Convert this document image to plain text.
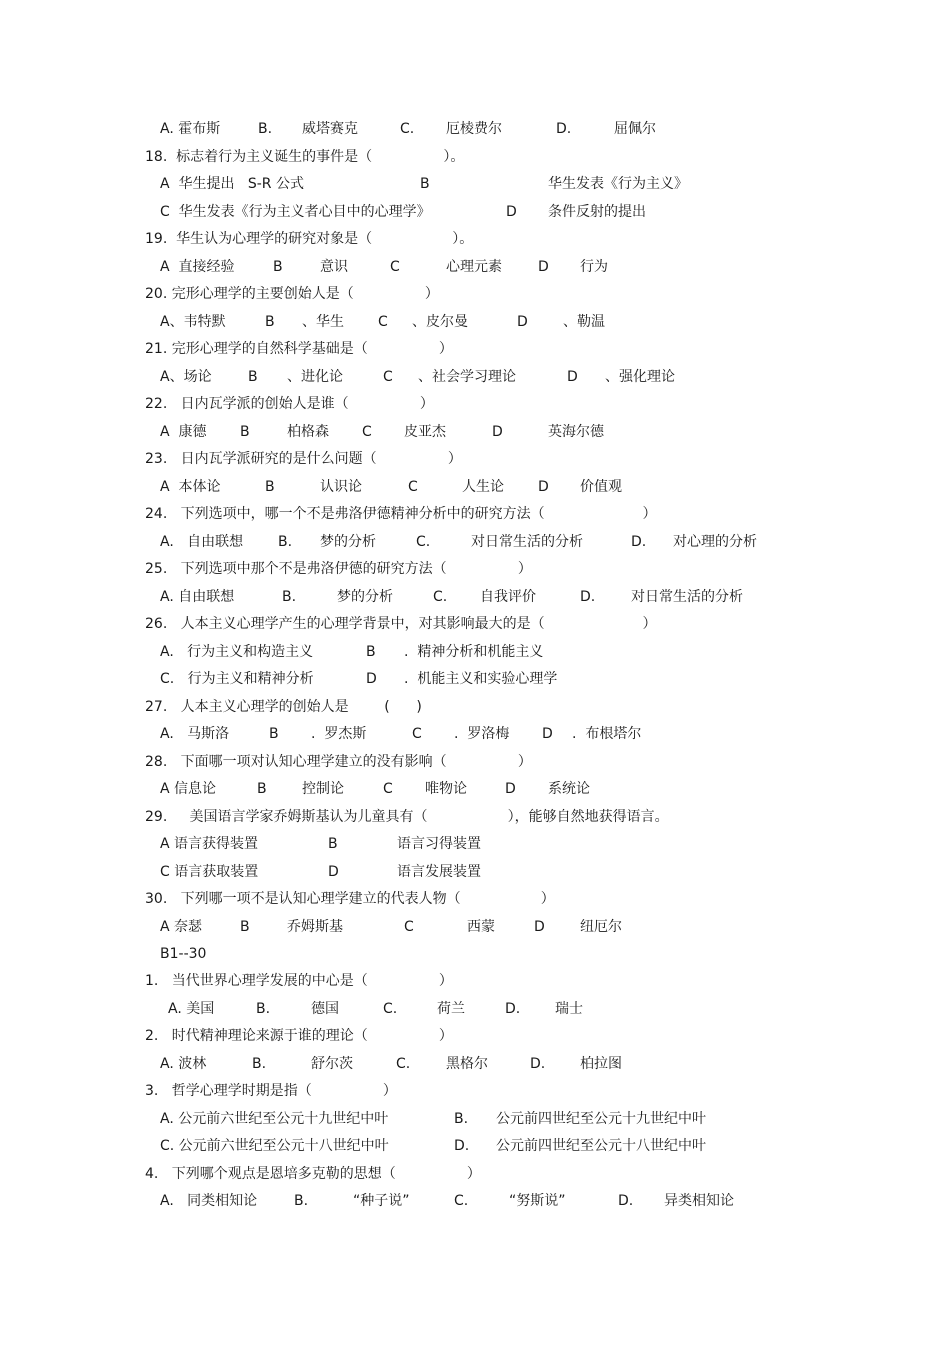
A. 霍布斯	B. 威塔赛克	C. 厄棱费尔	D.	屈佩尔
18.  标志着行为主义诞生的事件是（                ）。
A  华生提出   S-R 公式	B	华生发表《行为主义》
C  华生发表《行为主义者心目中的心理学》	D 条件反射的提出
19.  华生认为心理学的研究对象是（                  ）。
A  直接经验	B	意识	C	心理元素	D 行为
20. 完形心理学的主要创始人是（                ）
A、韦特默	B 、华生 C 、皮尔曼	D	、勒温
21. 完形心理学的自然科学基础是（                ）
A、场论	B 、进化论	C 、社会学习理论	D 、强化理论
22.   日内瓦学派的创始人是谁（                ）
A  康德 B	柏格森 C 皮亚杰	D	英海尔德
23.   日内瓦学派研究的是什么问题（                ）
A  本体论	B	认识论	C	人生论 D 价值观
24.   下列选项中，哪一个不是弗洛伊德精神分析中的研究方法（                      ）
A.   自由联想 B. 梦的分析	C.	对日常生活的分析	D. 对心理的分析
25.   下列选项中那个不是弗洛伊德的研究方法（                ）
A. 自由联想	B.	梦的分析	C. 自我评价	D.	对日常生活的分析
26.   人本主义心理学产生的心理学背景中，对其影响最大的是（                      ）
A.   行为主义和构造主义	B .  精神分析和机能主义
C.   行为主义和精神分析	D .  机能主义和实验心理学
27.   人本主义心理学的创始人是        (      )
A.   马斯洛	B .  罗杰斯	C .  罗洛梅 D .  布根塔尔
28.   下面哪一项对认知心理学建立的没有影响（                ）
A 信息论	B	控制论	C 唯物论	D 系统论
29.     美国语言学家乔姆斯基认为儿童具有（                  ），能够自然地获得语言。
A 语言获得装置	B	语言习得装置
C 语言获取装置	D	语言发展装置
30.   下列哪一项不是认知心理学建立的代表人物（                  ）
A 奈瑟	B	乔姆斯基	C	西蒙	D	纽厄尔
B1--30
1.   当代世界心理学发展的中心是（                ）
A. 美国	B.	德国	C.	荷兰	D. 瑞士
2.   时代精神理论来源于谁的理论（                ）
A. 波林	B.	舒尔茨	C.	黑格尔	D. 柏拉图
3.   哲学心理学时期是指（                ）
A. 公元前六世纪至公元十九世纪中叶	B. 公元前四世纪至公元十九世纪中叶
C. 公元前六世纪至公元十八世纪中叶	D. 公元前四世纪至公元十八世纪中叶
4.   下列哪个观点是恩培多克勒的思想（                ）
A.   同类相知论	B.	“种子说”	C.	“努斯说”	D. 异类相知论
